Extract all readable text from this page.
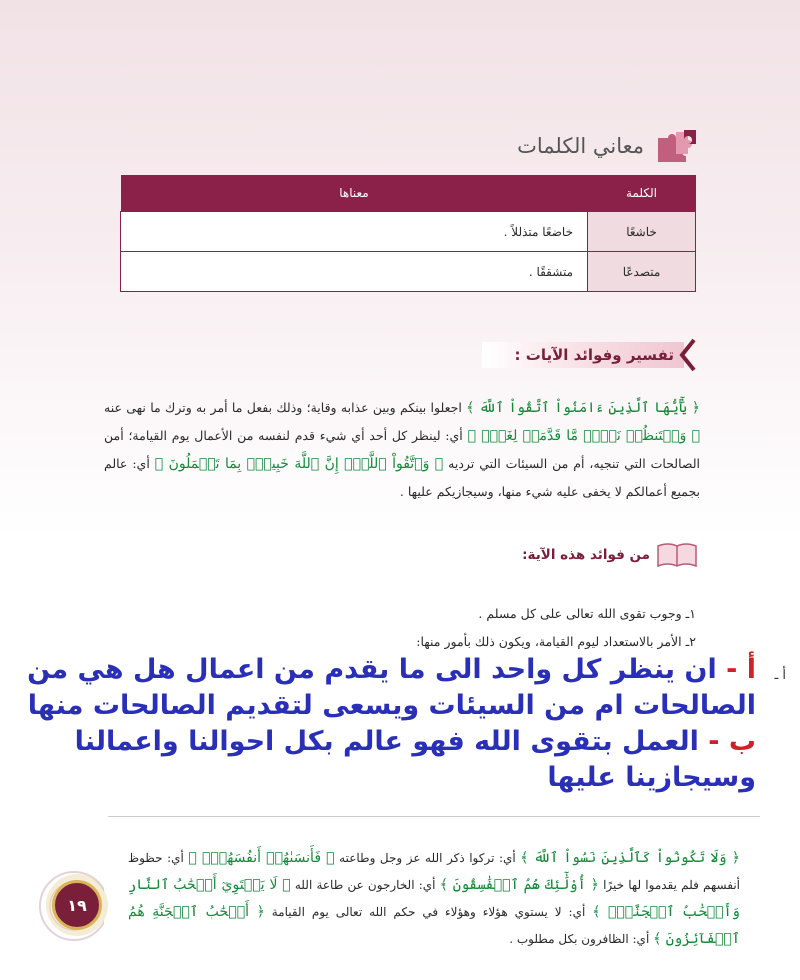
معاني الكلمات
الكلمة	معناها
خاشعًا	خاضعًا متذللاً .
متصدعًا	متشققًا .
تفسير وفوائد الآيات :
﴿ يَٰٓأَيُّهَا ٱلَّذِينَ ءَامَنُواْ ٱتَّقُواْ ٱللَّهَ ﴾ اجعلوا بينكم وبين عذابه وقاية؛ وذلك بفعل ما أمر به وترك ما نهى عنه ﴿ وَلۡتَنظُرۡ نَفۡسٞ مَّا قَدَّمَتۡ لِغَدٖۖ ﴾ أي: لينظر كل أحد أي شيء قدم لنفسه من الأعمال يوم القيامة؛ أمن الصالحات التي تنجيه، أم من السيئات التي ترديه ﴿ وَٱتَّقُواْ ٱللَّهَۚ إِنَّ ٱللَّهَ خَبِيرُۢ بِمَا تَعۡمَلُونَ ﴾ أي: عالم بجميع أعمالكم لا يخفى عليه شيء منها، وسيجازيكم عليها .
من فوائد هذه الآية:
١ـ وجوب تقوى الله تعالى على كل مسلم .
٢ـ الأمر بالاستعداد ليوم القيامة، ويكون ذلك بأمور منها:
أ ـ
أ - ان ينظر كل واحد الى ما يقدم من اعمال هل هي من الصالحات ام من السيئات ويسعى لتقديم الصالحات منها
ب - العمل بتقوى الله فهو عالم بكل احوالنا واعمالنا وسيجازينا عليها
﴿ وَلَا تَكُونُواْ كَٱلَّذِينَ نَسُواْ ٱللَّهَ ﴾ أي: تركوا ذكر الله عز وجل وطاعته ﴿ فَأَنسَىٰهُمۡ أَنفُسَهُمۡۚ ﴾ أي: حظوظ أنفسهم فلم يقدموا لها خيرًا ﴿ أُوْلَٰٓئِكَ هُمُ ٱلۡفَٰسِقُونَ ﴾ أي: الخارجون عن طاعة الله ﴿ لَا يَسۡتَوِيٓ أَصۡحَٰبُ ٱلنَّارِ وَأَصۡحَٰبُ ٱلۡجَنَّةِۚ ﴾ أي: لا يستوي هؤلاء وهؤلاء في حكم الله تعالى يوم القيامة ﴿ أَصۡحَٰبُ ٱلۡجَنَّةِ هُمُ ٱلۡفَآئِزُونَ ﴾ أي: الظافرون بكل مطلوب .
١٩
